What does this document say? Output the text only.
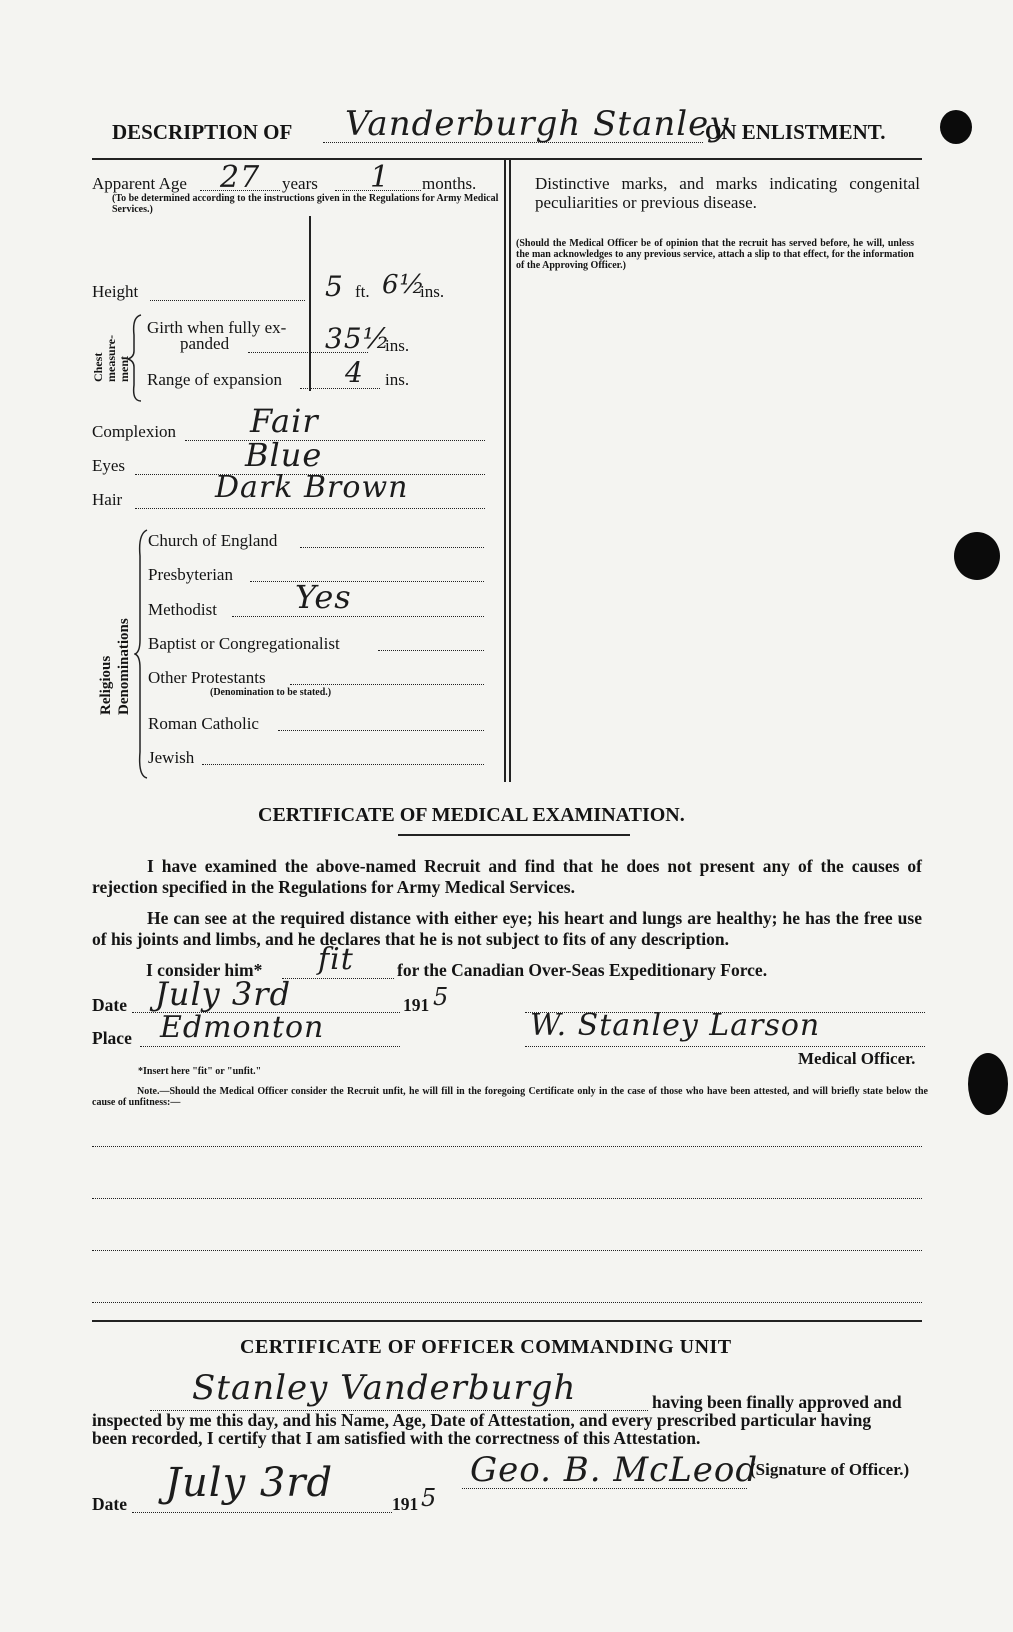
DESCRIPTION OF Vanderburgh Stanley
ON ENLISTMENT.
Apparent Age 27 years 1 months.
(To be determined according to the instructions given in the Regulations for Army Medical Services.)
Height	5 ft. 6½
ins.
Chest measure- ment
Girth when fully ex-
panded	35½
ins.
Range of expansion 4 ins.
Complexion Fair
Eyes	Blue
Hair	Dark Brown
Religious Denominations
Church of England
Presbyterian
Methodist Yes
Baptist or Congregationalist
Other Protestants
(Denomination to be stated.)
Roman Catholic
Jewish
Distinctive marks, and marks indicating congenital peculiarities or previous disease.
(Should the Medical Officer be of opinion that the recruit has served before, he will, unless the man acknowledges to any previous service, attach a slip to that effect, for the information of the Approving Officer.)
CERTIFICATE OF MEDICAL EXAMINATION.

I have examined the above-named Recruit and find that he does not present any of the causes of rejection specified in the Regulations for Army Medical Services.

He can see at the required distance with either eye; his heart and lungs are healthy; he has the free use of his joints and limbs, and he declares that he is not subject to fits of any description.

I consider him* fit for the Canadian Over-Seas Expeditionary Force.
Date July 3rd	191 5
Place Edmonton	W. Stanley Larson
Medical Officer.
*Insert here "fit" or "unfit."
Note.—Should the Medical Officer consider the Recruit unfit, he will fill in the foregoing Certificate only in the case of those who have been attested, and will briefly state below the cause of unfitness:—
CERTIFICATE OF OFFICER COMMANDING UNIT
Stanley Vanderburgh	having been finally approved and
inspected by me this day, and his Name, Age, Date of Attestation, and every prescribed particular having
been recorded, I certify that I am satisfied with the correctness of this Attestation.
Geo. B. McLeod
(Signature of Officer.)
Date July 3rd	191 5
